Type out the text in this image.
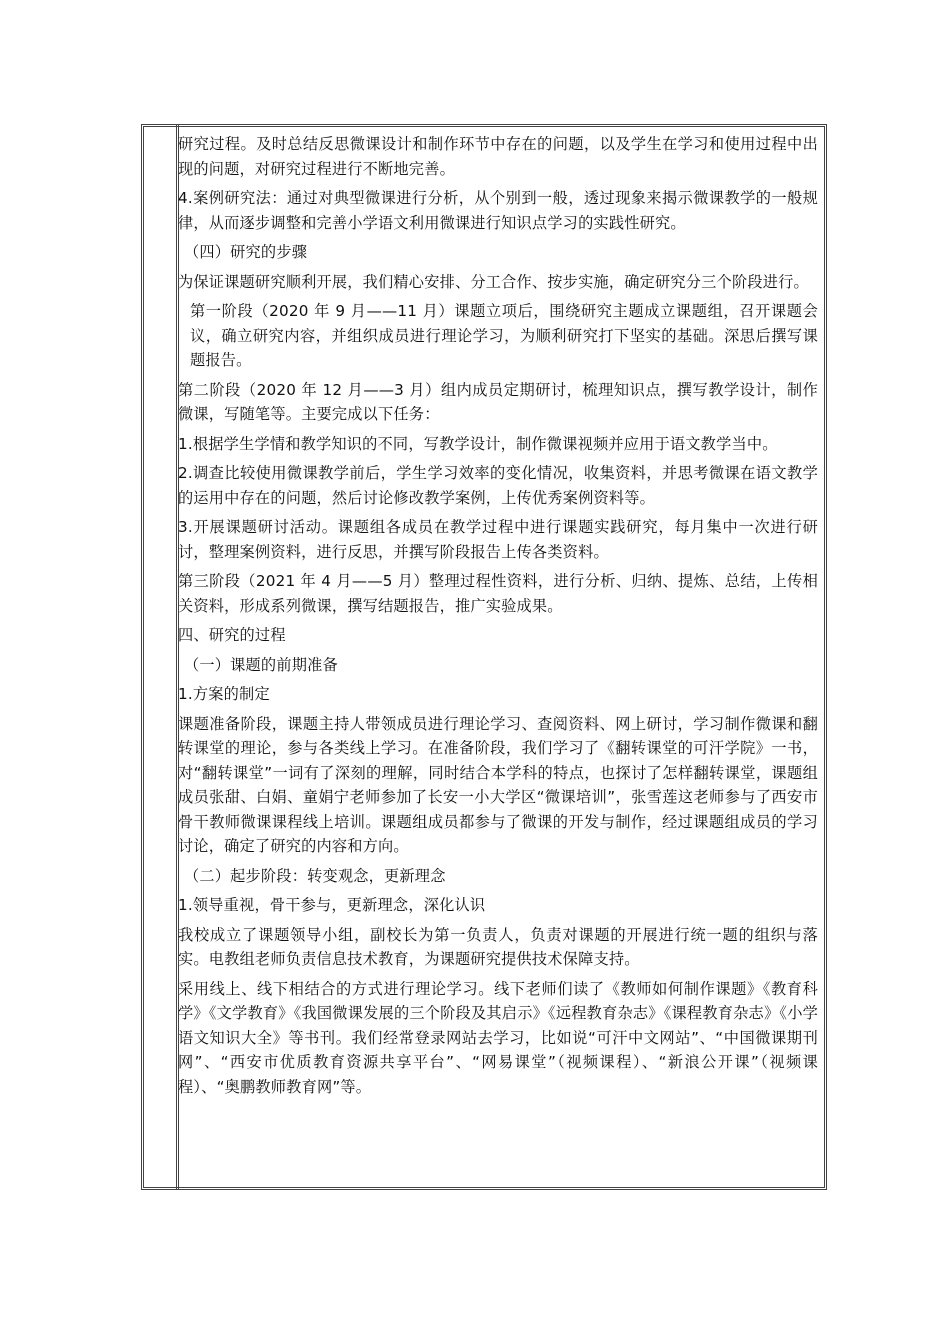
研究过程。及时总结反思微课设计和制作环节中存在的问题，以及学生在学习和使用过程中出现的问题，对研究过程进行不断地完善。

4.案例研究法：通过对典型微课进行分析，从个别到一般，透过现象来揭示微课教学的一般规律，从而逐步调整和完善小学语文利用微课进行知识点学习的实践性研究。

（四）研究的步骤

为保证课题研究顺利开展，我们精心安排、分工合作、按步实施，确定研究分三个阶段进行。

第一阶段（2020 年 9 月——11 月）课题立项后，围绕研究主题成立课题组，召开课题会议，确立研究内容，并组织成员进行理论学习，为顺利研究打下坚实的基础。深思后撰写课题报告。

第二阶段（2020 年 12 月——3 月）组内成员定期研讨，梳理知识点，撰写教学设计，制作微课，写随笔等。主要完成以下任务：

1.根据学生学情和教学知识的不同，写教学设计，制作微课视频并应用于语文教学当中。

2.调查比较使用微课教学前后，学生学习效率的变化情况，收集资料，并思考微课在语文教学的运用中存在的问题，然后讨论修改教学案例，上传优秀案例资料等。

3.开展课题研讨活动。课题组各成员在教学过程中进行课题实践研究，每月集中一次进行研讨，整理案例资料，进行反思，并撰写阶段报告上传各类资料。

第三阶段（2021 年 4 月——5 月）整理过程性资料，进行分析、归纳、提炼、总结，上传相关资料，形成系列微课，撰写结题报告，推广实验成果。

四、研究的过程

（一）课题的前期准备

1.方案的制定

课题准备阶段，课题主持人带领成员进行理论学习、查阅资料、网上研讨，学习制作微课和翻转课堂的理论，参与各类线上学习。在准备阶段，我们学习了《翻转课堂的可汗学院》一书，对“翻转课堂”一词有了深刻的理解，同时结合本学科的特点，也探讨了怎样翻转课堂，课题组成员张甜、白娟、童娟宁老师参加了长安一小大学区“微课培训”，张雪莲这老师参与了西安市骨干教师微课课程线上培训。课题组成员都参与了微课的开发与制作，经过课题组成员的学习讨论，确定了研究的内容和方向。

（二）起步阶段：转变观念，更新理念

1.领导重视，骨干参与，更新理念，深化认识

我校成立了课题领导小组，副校长为第一负责人，负责对课题的开展进行统一题的组织与落实。电教组老师负责信息技术教育，为课题研究提供技术保障支持。

采用线上、线下相结合的方式进行理论学习。线下老师们读了《教师如何制作课题》《教育科学》《文学教育》《我国微课发展的三个阶段及其启示》《远程教育杂志》《课程教育杂志》《小学语文知识大全》等书刊。我们经常登录网站去学习，比如说“可汗中文网站”、“中国微课期刊网”、“西安市优质教育资源共享平台”、“网易课堂”（视频课程）、“新浪公开课”（视频课程）、“奥鹏教师教育网”等。
